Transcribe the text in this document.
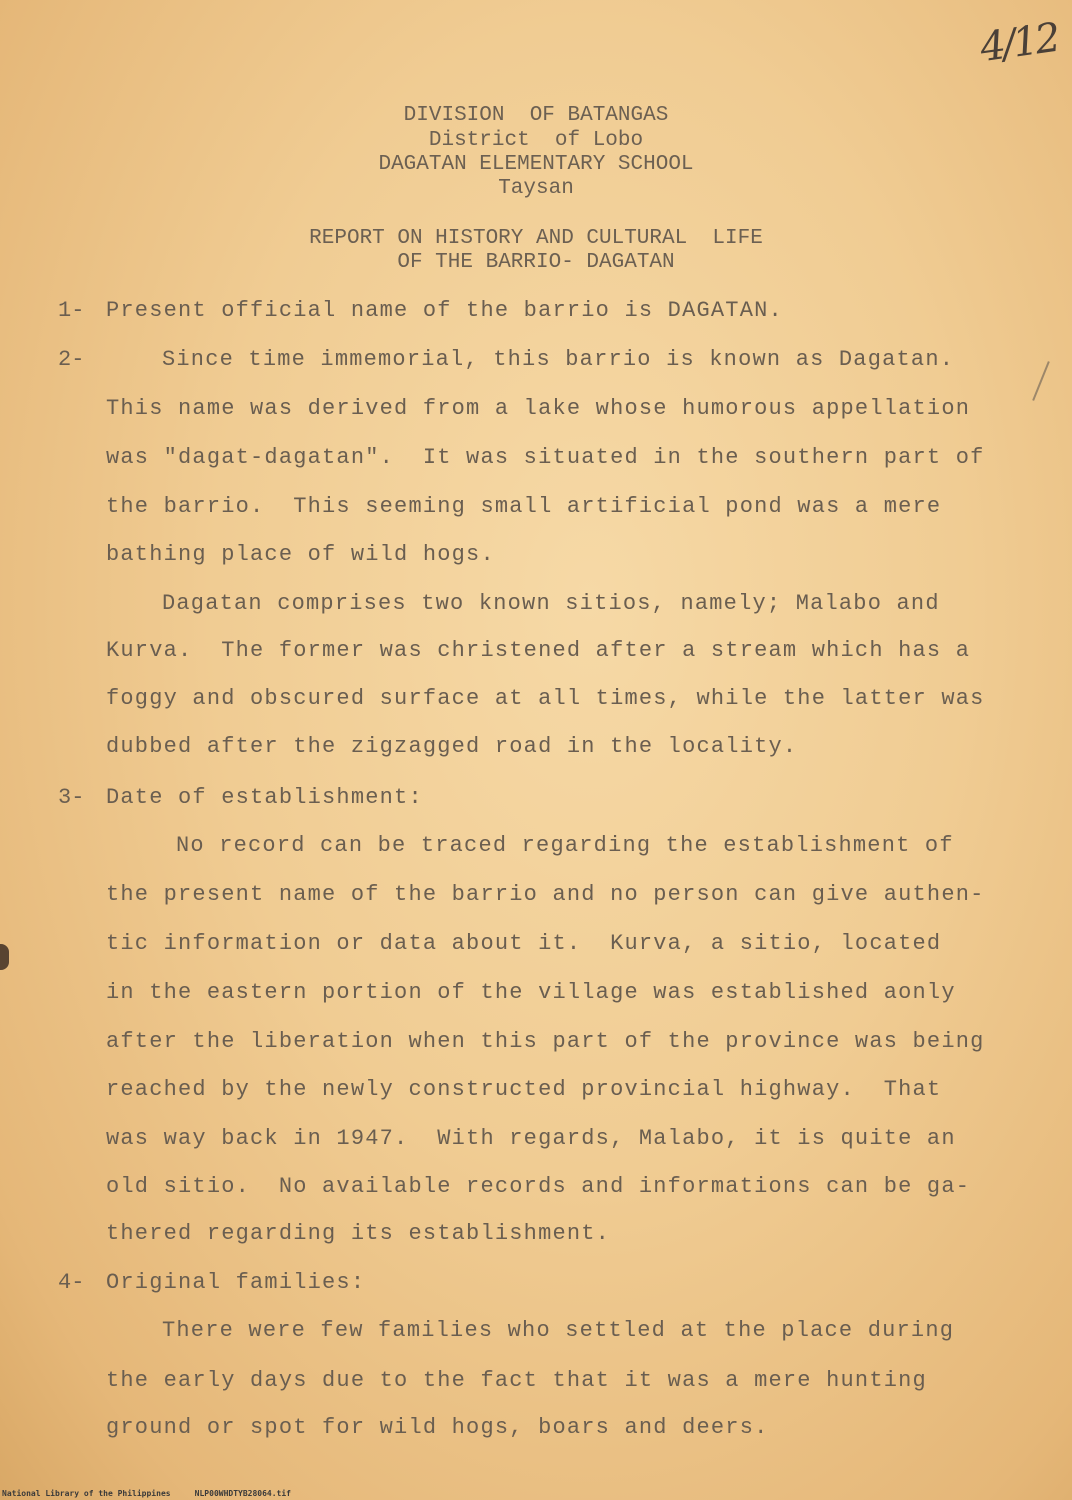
4/12
DIVISION  OF BATANGAS
District  of Lobo
DAGATAN ELEMENTARY SCHOOL
Taysan
REPORT ON HISTORY AND CULTURAL  LIFE
OF THE BARRIO- DAGATAN
1- Present official name of the barrio is DAGATAN.
2-	Since time immemorial, this barrio is known as Dagatan.
This name was derived from a lake whose humorous appellation
was "dagat-dagatan".  It was situated in the southern part of
the barrio.  This seeming small artificial pond was a mere
bathing place of wild hogs.
Dagatan comprises two known sitios, namely; Malabo and
Kurva.  The former was christened after a stream which has a
foggy and obscured surface at all times, while the latter was
dubbed after the zigzagged road in the locality.
3- Date of establishment:
No record can be traced regarding the establishment of
the present name of the barrio and no person can give authen-
tic information or data about it.  Kurva, a sitio, located
in the eastern portion of the village was established aonly
after the liberation when this part of the province was being
reached by the newly constructed provincial highway.  That
was way back in 1947.  With regards, Malabo, it is quite an
old sitio.  No available records and informations can be ga-
thered regarding its establishment.
4- Original families:
There were few families who settled at the place during
the early days due to the fact that it was a mere hunting
ground or spot for wild hogs, boars and deers.
National Library of the Philippines	NLP00WHDTYB28064.tif
